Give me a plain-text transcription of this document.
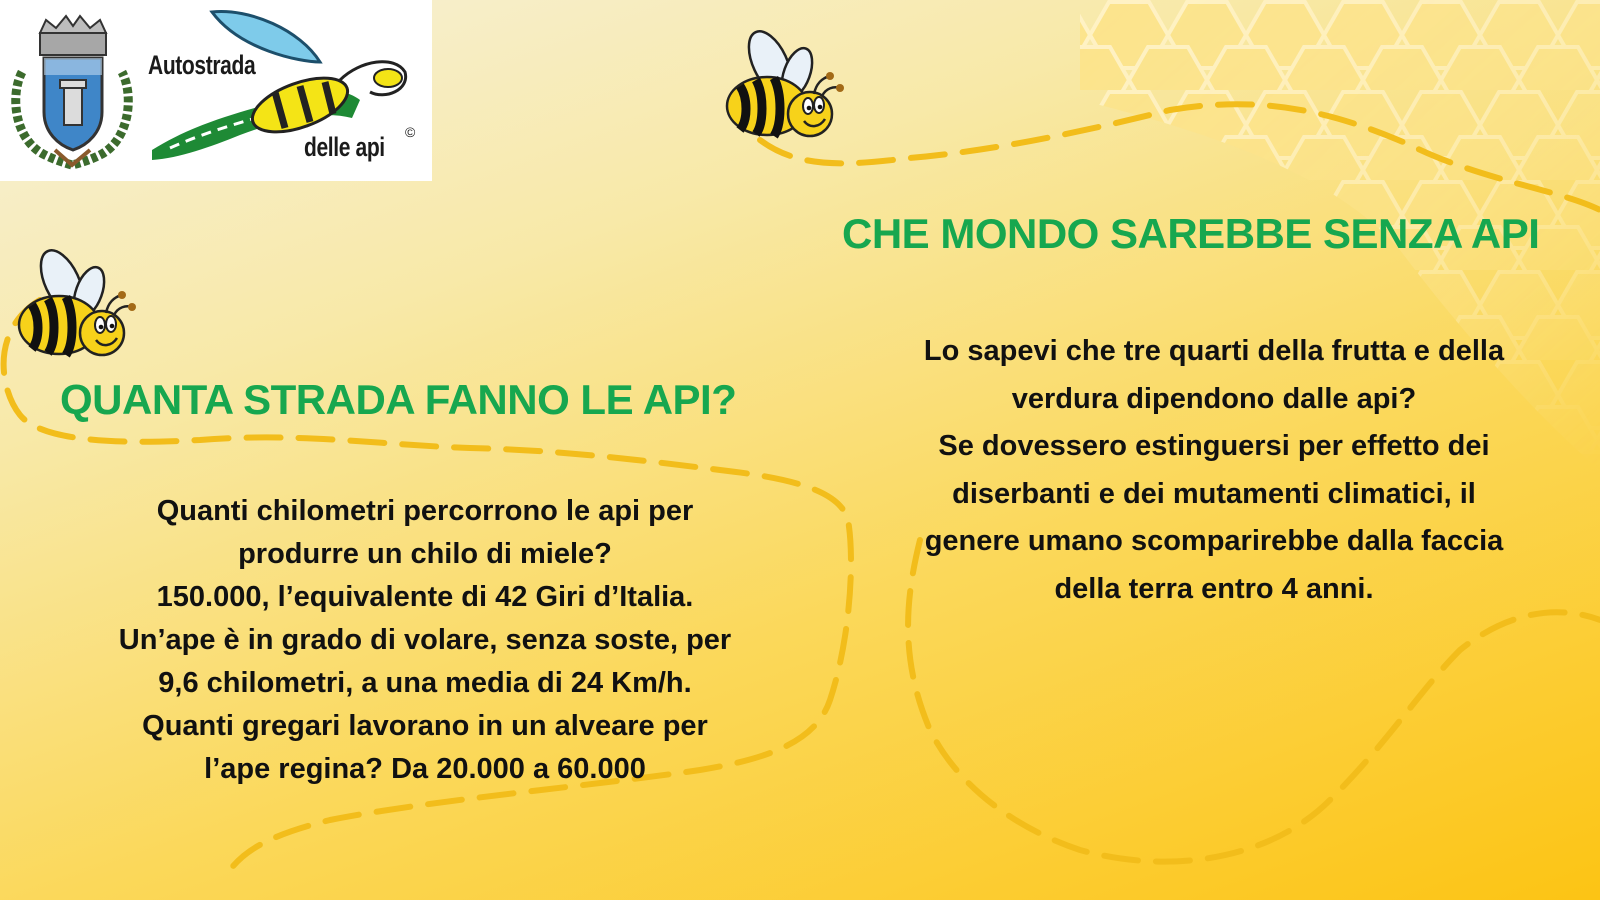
Autostrada
delle api ©
CHE MONDO SAREBBE SENZA API
Lo sapevi che tre quarti della frutta e della
verdura dipendono dalle api?
Se dovessero estinguersi per effetto dei
diserbanti e dei mutamenti climatici, il
genere umano scomparirebbe dalla faccia
della terra entro 4 anni.
QUANTA STRADA FANNO LE API?
Quanti chilometri percorrono le api per
produrre un chilo di miele?
150.000, l’equivalente di 42 Giri d’Italia.
Un’ape è in grado di volare, senza soste, per
9,6 chilometri, a una media di 24 Km/h.
Quanti gregari lavorano in un alveare per
l’ape regina? Da 20.000 a 60.000
